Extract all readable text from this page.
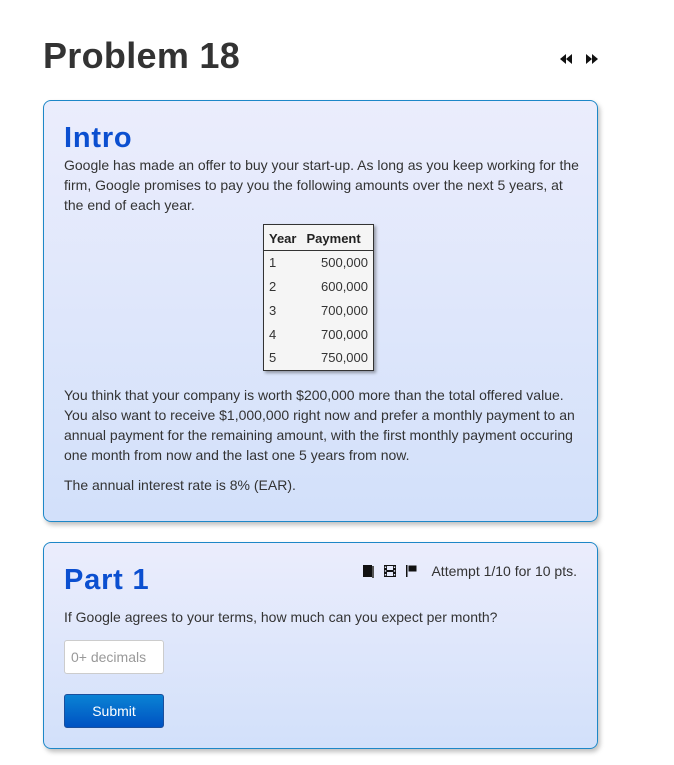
Problem 18
Intro

Google has made an offer to buy your start-up. As long as you keep working for the firm, Google promises to pay you the following amounts over the next 5 years, at the end of each year.

Year	Payment
1	500,000
2	600,000
3	700,000
4	700,000
5	750,000

You think that your company is worth $200,000 more than the total offered value. You also want to receive $1,000,000 right now and prefer a monthly payment to an annual payment for the remaining amount, with the first monthly payment occuring one month from now and the last one 5 years from now.

The annual interest rate is 8% (EAR).

Part 1	Attempt 1/10 for 10 pts.

If Google agrees to your terms, how much can you expect per month?

0+ decimals
Submit
